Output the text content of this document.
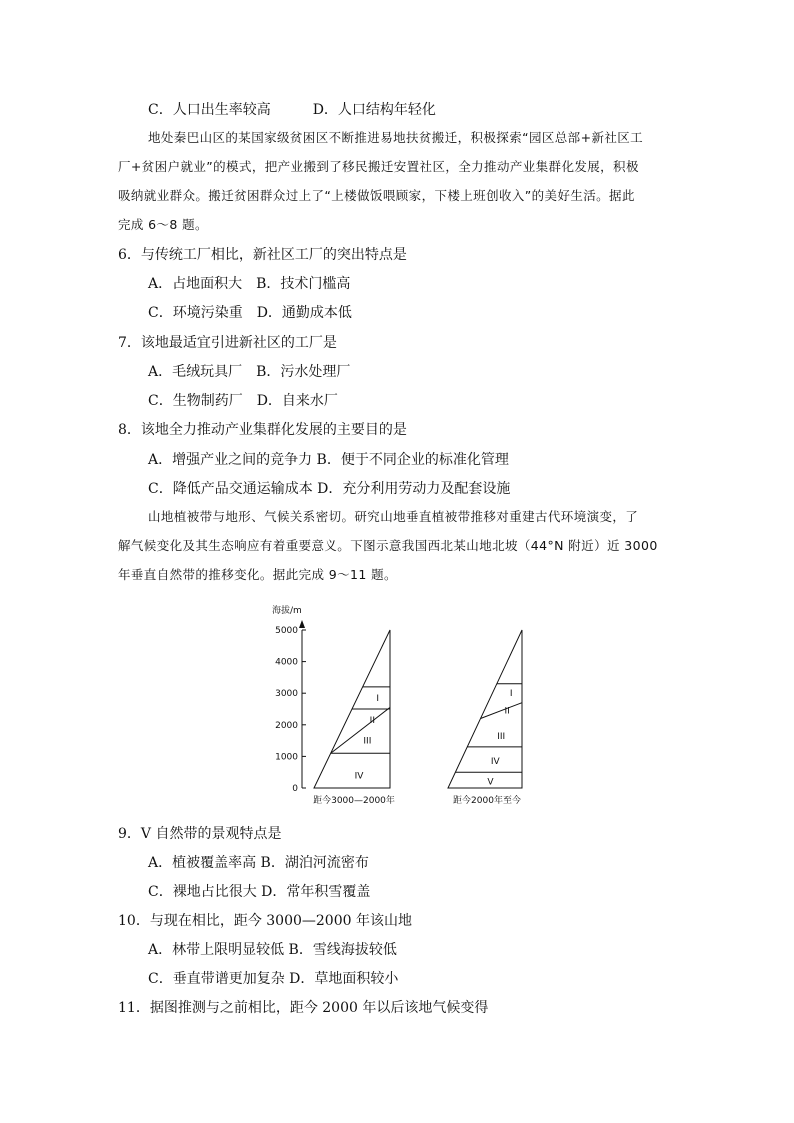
C．人口出生率较高　　　D．人口结构年轻化
地处秦巴山区的某国家级贫困区不断推进易地扶贫搬迁，积极探索“园区总部+新社区工
厂+贫困户就业”的模式，把产业搬到了移民搬迁安置社区，全力推动产业集群化发展，积极
吸纳就业群众。搬迁贫困群众过上了“上楼做饭喂顾家，下楼上班创收入”的美好生活。据此
完成 6～8 题。
6．与传统工厂相比，新社区工厂的突出特点是
A．占地面积大　B．技术门槛高
C．环境污染重　D．通勤成本低
7．该地最适宜引进新社区的工厂是
A．毛绒玩具厂　B．污水处理厂
C．生物制药厂　D．自来水厂
8．该地全力推动产业集群化发展的主要目的是
A．增强产业之间的竞争力 B．便于不同企业的标准化管理
C．降低产品交通运输成本 D．充分利用劳动力及配套设施
山地植被带与地形、气候关系密切。研究山地垂直植被带推移对重建古代环境演变，了
解气候变化及其生态响应有着重要意义。下图示意我国西北某山地北坡（44°N 附近）近 3000
年垂直自然带的推移变化。据此完成 9～11 题。
海拔/m
0
1000
2000
3000
4000
5000
IV
III
II
I
距今3000—2000年
V
IV
III
II
I
距今2000年至今
9．V 自然带的景观特点是
A．植被覆盖率高 B．湖泊河流密布
C．裸地占比很大 D．常年积雪覆盖
10．与现在相比，距今 3000—2000 年该山地
A．林带上限明显较低 B．雪线海拔较低
C．垂直带谱更加复杂 D．草地面积较小
11．据图推测与之前相比，距今 2000 年以后该地气候变得
